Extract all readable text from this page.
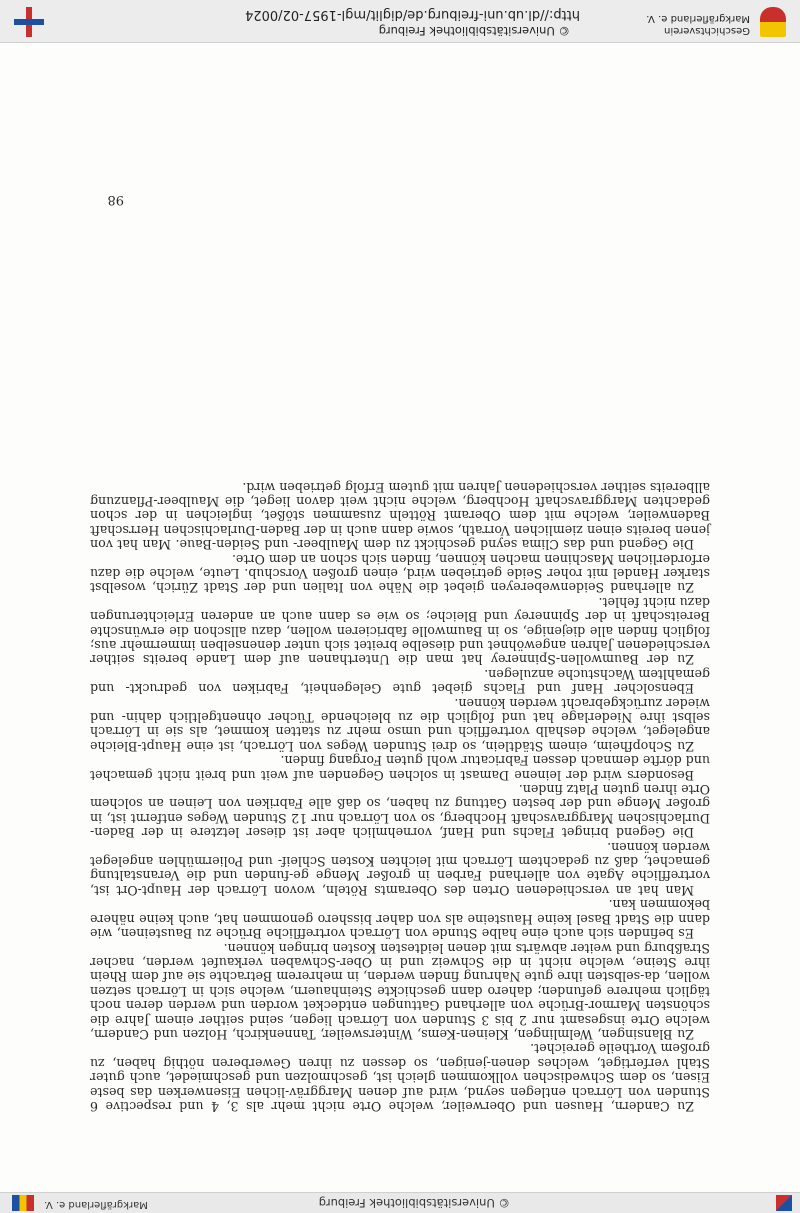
© Universitätsbibliothek Freiburg
Markgräflerland e. V.

Zu Candern, Hausen und Oberweiler, welche Orte nicht mehr als 3, 4 und respective 6 Stunden von Lörrach entlegen seynd, wird auf denen Marggräv-lichen Eisenwerken das beste Eisen, so dem Schwedischen vollkommen gleich ist, geschmolzen und geschmiedet, auch guter Stahl verfertiget, welches denen-jenigen, so dessen zu ihren Gewerberen nöthig haben, zu großem Vortheile gereichet.

Zu Blansingen, Welmlingen, Kleinen-Kems, Wintersweiler, Tannenkirch, Holzen und Candern, welche Orte insgesamt nur 2 bis 3 Stunden von Lörrach liegen, seind seither einem Jahre die schönsten Marmor-Brüche von allerhand Gattungen entdecket worden und werden deren noch täglich mehrere gefunden; dahero dann geschickte Steinhauern, welche sich in Lörrach setzen wollen, da-selbsten ihre gute Nahrung finden werden, in mehrerem Betrachte sie auf dem Rhein ihre Steine, welche nicht in die Schweiz und in Ober-Schwaben verkaufet werden, nacher Straßburg und weiter abwärts mit denen leidtesten Kosten bringen können.

Es befinden sich auch eine halbe Stunde von Lörrach vortreffliche Brüche zu Bausteinen, wie dann die Stadt Basel keine Hausteine als von daher bisshero genommen hat, auch keine nähere bekommen kan.

Man hat an verschiedenen Orten des Oberamts Röteln, wovon Lörrach der Haupt-Ort ist, vortreffliche Agate von allerhand Farben in großer Menge ge-funden und die Veranstaltung gemachet, daß zu gedachtem Lörrach mit leichten Kosten Schleif- und Poliermühlen angeleget werden können.

Die Gegend bringet Flachs und Hanf, vornehmlich aber ist dieser letztere in der Baden-Durlachischen Marggravschaft Hochberg, so von Lörrach nur 12 Stunden Weges entfernt ist, in großer Menge und der besten Gattung zu haben, so daß alle Fabriken von Leinen an solchem Orte ihren guten Platz finden.

Besonders wird der leinene Damast in solchen Gegenden auf weit und breit nicht gemachet und dörfte demnach dessen Fabricatur wohl guten Forgang finden.

Zu Schopfheim, einem Städtlein, so drei Stunden Weges von Lörrach, ist eine Haupt-Bleiche angeleget, welche deshalb vortrefflich und umso mehr zu statten kommet, als sie in Lörrach selbst ihre Niederlage hat und folglich die zu bleichende Tücher ohnentgeltlich dahin- und wieder zurückgebracht werden können.

Ebensolcher Hanf und Flachs giebet gute Gelegenheit, Fabriken von gedruckt- und gemahltem Wachstuche anzulegen.

Zu der Baumwollen-Spinnerey hat man die Unterthanen auf dem Lande bereits seither verschiedenen Jahren angewöhnet und dieselbe breitet sich unter denenselben immermehr aus; folglich finden alle diejenige, so in Baumwolle fabricieren wollen, dazu allschon die erwünschte Bereitschaft in der Spinnerey und Bleiche; so wie es dann auch an anderen Erleichterungen dazu nicht fehlet.

Zu allerhand Seidenwebereyen giebet die Nähe von Italien und der Stadt Zürich, woselbst starker Handel mit roher Seide getrieben wird, einen großen Vorschub. Leute, welche die dazu erforderlichen Maschinen machen können, finden sich schon an dem Orte.

Die Gegend und das Clima seynd geschickt zu dem Maulbeer- und Seiden-Baue. Man hat von jenen bereits einen ziemlichen Vorrath, sowie dann auch in der Baden-Durlachischen Herrschaft Badenweiler, welche mit dem Oberamt Rötteln zusammen stößet, ingleichen in der schon gedachten Marggravschaft Hochberg, welche nicht weit davon lieget, die Maulbeer-Pflanzung allbereits seither verschiedenen Jahren mit gutem Erfolg getrieben wird.

98
Geschichtsverein
Markgräflerland e. V.
© Universitätsbibliothek Freiburg
http://dl.ub.uni-freiburg.de/diglit/mgl-1957-02/0024
